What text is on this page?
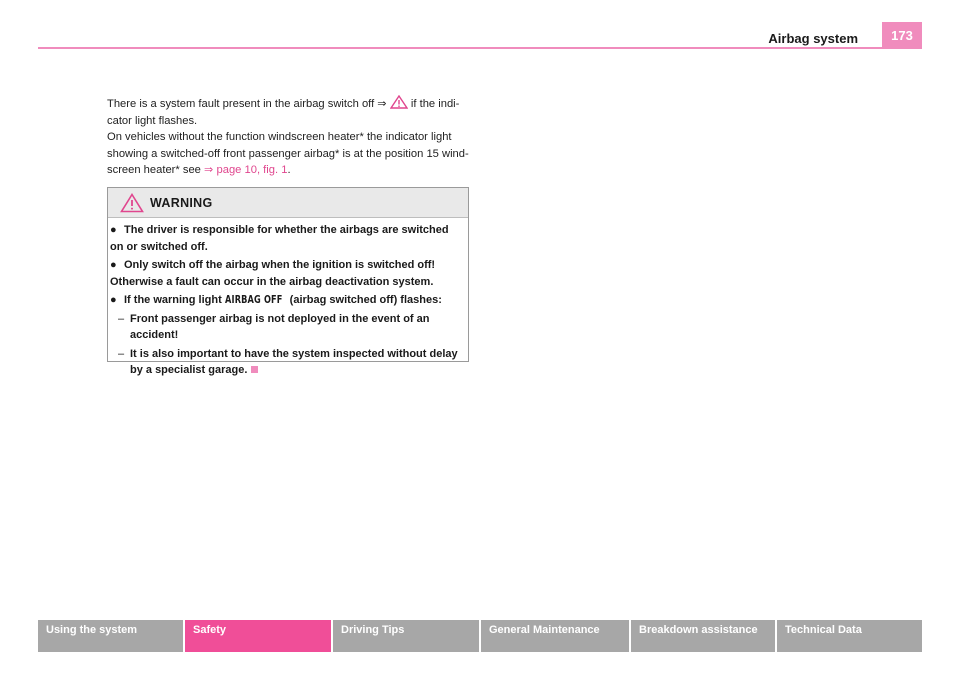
Airbag system	173
There is a system fault present in the airbag switch off ⇒  if the indi-
cator light flashes.
On vehicles without the function windscreen heater* the indicator light showing a switched-off front passenger airbag* is at the position 15 wind-screen heater* see ⇒ page 10, fig. 1.
WARNING
● The driver is responsible for whether the airbags are switched on or switched off.
● Only switch off the airbag when the ignition is switched off! Otherwise a fault can occur in the airbag deactivation system.
● If the warning light AIRBAG OFF (airbag switched off) flashes:
– Front passenger airbag is not deployed in the event of an accident!
– It is also important to have the system inspected without delay by a specialist garage.
Using the system	Safety	Driving Tips	General Maintenance	Breakdown assistance	Technical Data
